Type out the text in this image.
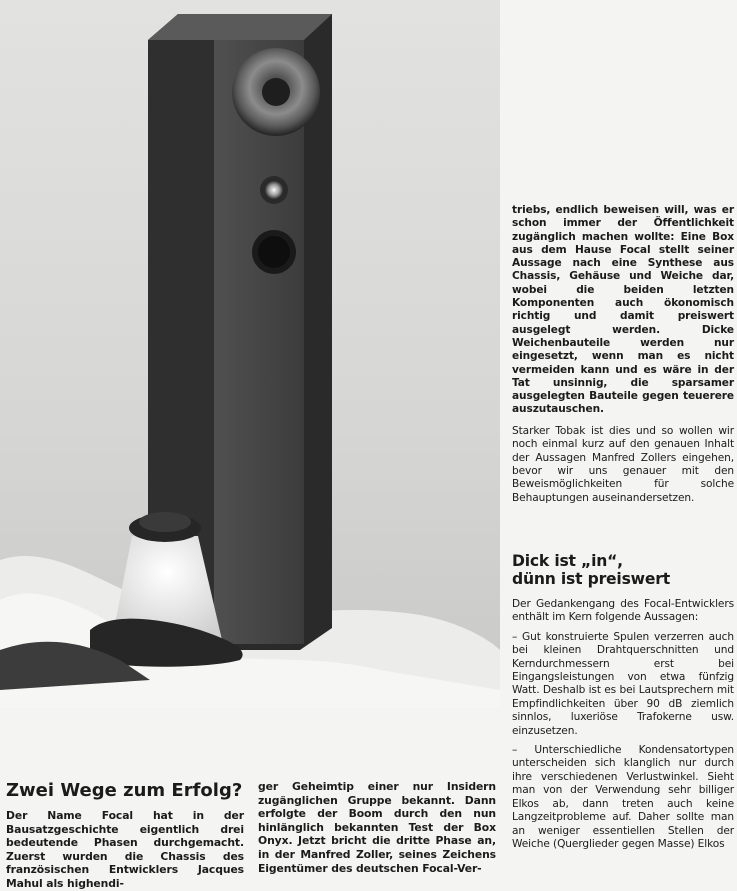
triebs, endlich beweisen will, was er schon immer der Öffentlichkeit zugänglich machen wollte: Eine Box aus dem Hause Focal stellt seiner Aussage nach eine Synthese aus Chassis, Gehäuse und Weiche dar, wobei die beiden letzten Komponenten auch ökonomisch richtig und damit preiswert ausgelegt werden. Dicke Weichenbauteile werden nur eingesetzt, wenn man es nicht vermeiden kann und es wäre in der Tat unsinnig, die sparsamer ausgelegten Bauteile gegen teuerere auszutauschen.

Starker Tobak ist dies und so wollen wir noch einmal kurz auf den genauen Inhalt der Aussagen Manfred Zollers eingehen, bevor wir uns genauer mit den Beweismöglichkeiten für solche Behauptungen auseinandersetzen.

Dick ist „in“,

dünn ist preiswert

Der Gedankengang des Focal-Entwicklers enthält im Kern folgende Aussagen:

– Gut konstruierte Spulen verzerren auch bei kleinen Drahtquerschnitten und Kerndurchmessern erst bei Eingangsleistungen von etwa fünfzig Watt. Deshalb ist es bei Lautsprechern mit Empfindlichkeiten über 90 dB ziemlich sinnlos, luxeriöse Trafokerne usw. einzusetzen.

– Unterschiedliche Kondensatortypen unterscheiden sich klanglich nur durch ihre verschiedenen Verlustwinkel. Sieht man von der Verwendung sehr billiger Elkos ab, dann treten auch keine Langzeitprobleme auf. Daher sollte man an weniger essentiellen Stellen der Weiche (Querglieder gegen Masse) Elkos

Zwei Wege zum Erfolg?

Der Name Focal hat in der Bausatzgeschichte eigentlich drei bedeutende Phasen durchgemacht. Zuerst wurden die Chassis des französischen Entwicklers Jacques Mahul als highendi-

ger Geheimtip einer nur Insidern zugänglichen Gruppe bekannt. Dann erfolgte der Boom durch den nun hinlänglich bekannten Test der Box Onyx. Jetzt bricht die dritte Phase an, in der Manfred Zoller, seines Zeichens Eigentümer des deutschen Focal-Ver-
